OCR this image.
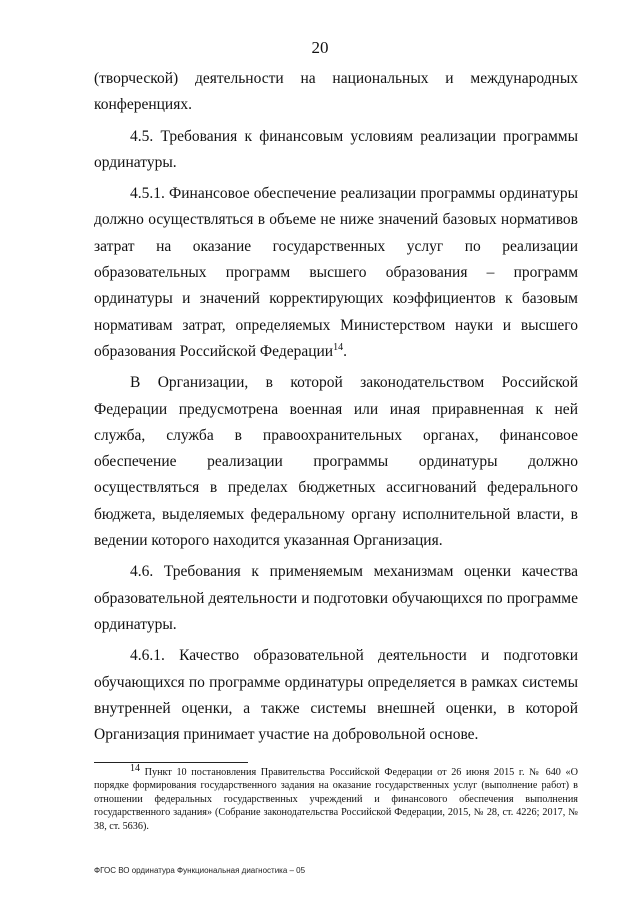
20

(творческой) деятельности на национальных и международных конференциях.

4.5. Требования к финансовым условиям реализации программы ординатуры.

4.5.1. Финансовое обеспечение реализации программы ординатуры должно осуществляться в объеме не ниже значений базовых нормативов затрат на оказание государственных услуг по реализации образовательных программ высшего образования – программ ординатуры и значений корректирующих коэффициентов к базовым нормативам затрат, определяемых Министерством науки и высшего образования Российской Федерации$^{14}$.

В Организации, в которой законодательством Российской Федерации предусмотрена военная или иная приравненная к ней служба, служба в правоохранительных органах, финансовое обеспечение реализации программы ординатуры должно осуществляться в пределах бюджетных ассигнований федерального бюджета, выделяемых федеральному органу исполнительной власти, в ведении которого находится указанная Организация.

4.6. Требования к применяемым механизмам оценки качества образовательной деятельности и подготовки обучающихся по программе ординатуры.

4.6.1. Качество образовательной деятельности и подготовки обучающихся по программе ординатуры определяется в рамках системы внутренней оценки, а также системы внешней оценки, в которой Организация принимает участие на добровольной основе.

$^{14}$ Пункт 10 постановления Правительства Российской Федерации от 26 июня 2015 г. № 640 «О порядке формирования государственного задания на оказание государственных услуг (выполнение работ) в отношении федеральных государственных учреждений и финансового обеспечения выполнения государственного задания» (Собрание законодательства Российской Федерации, 2015, № 28, ст. 4226; 2017, № 38, ст. 5636).

ФГОС ВО ординатура Функциональная диагностика – 05
